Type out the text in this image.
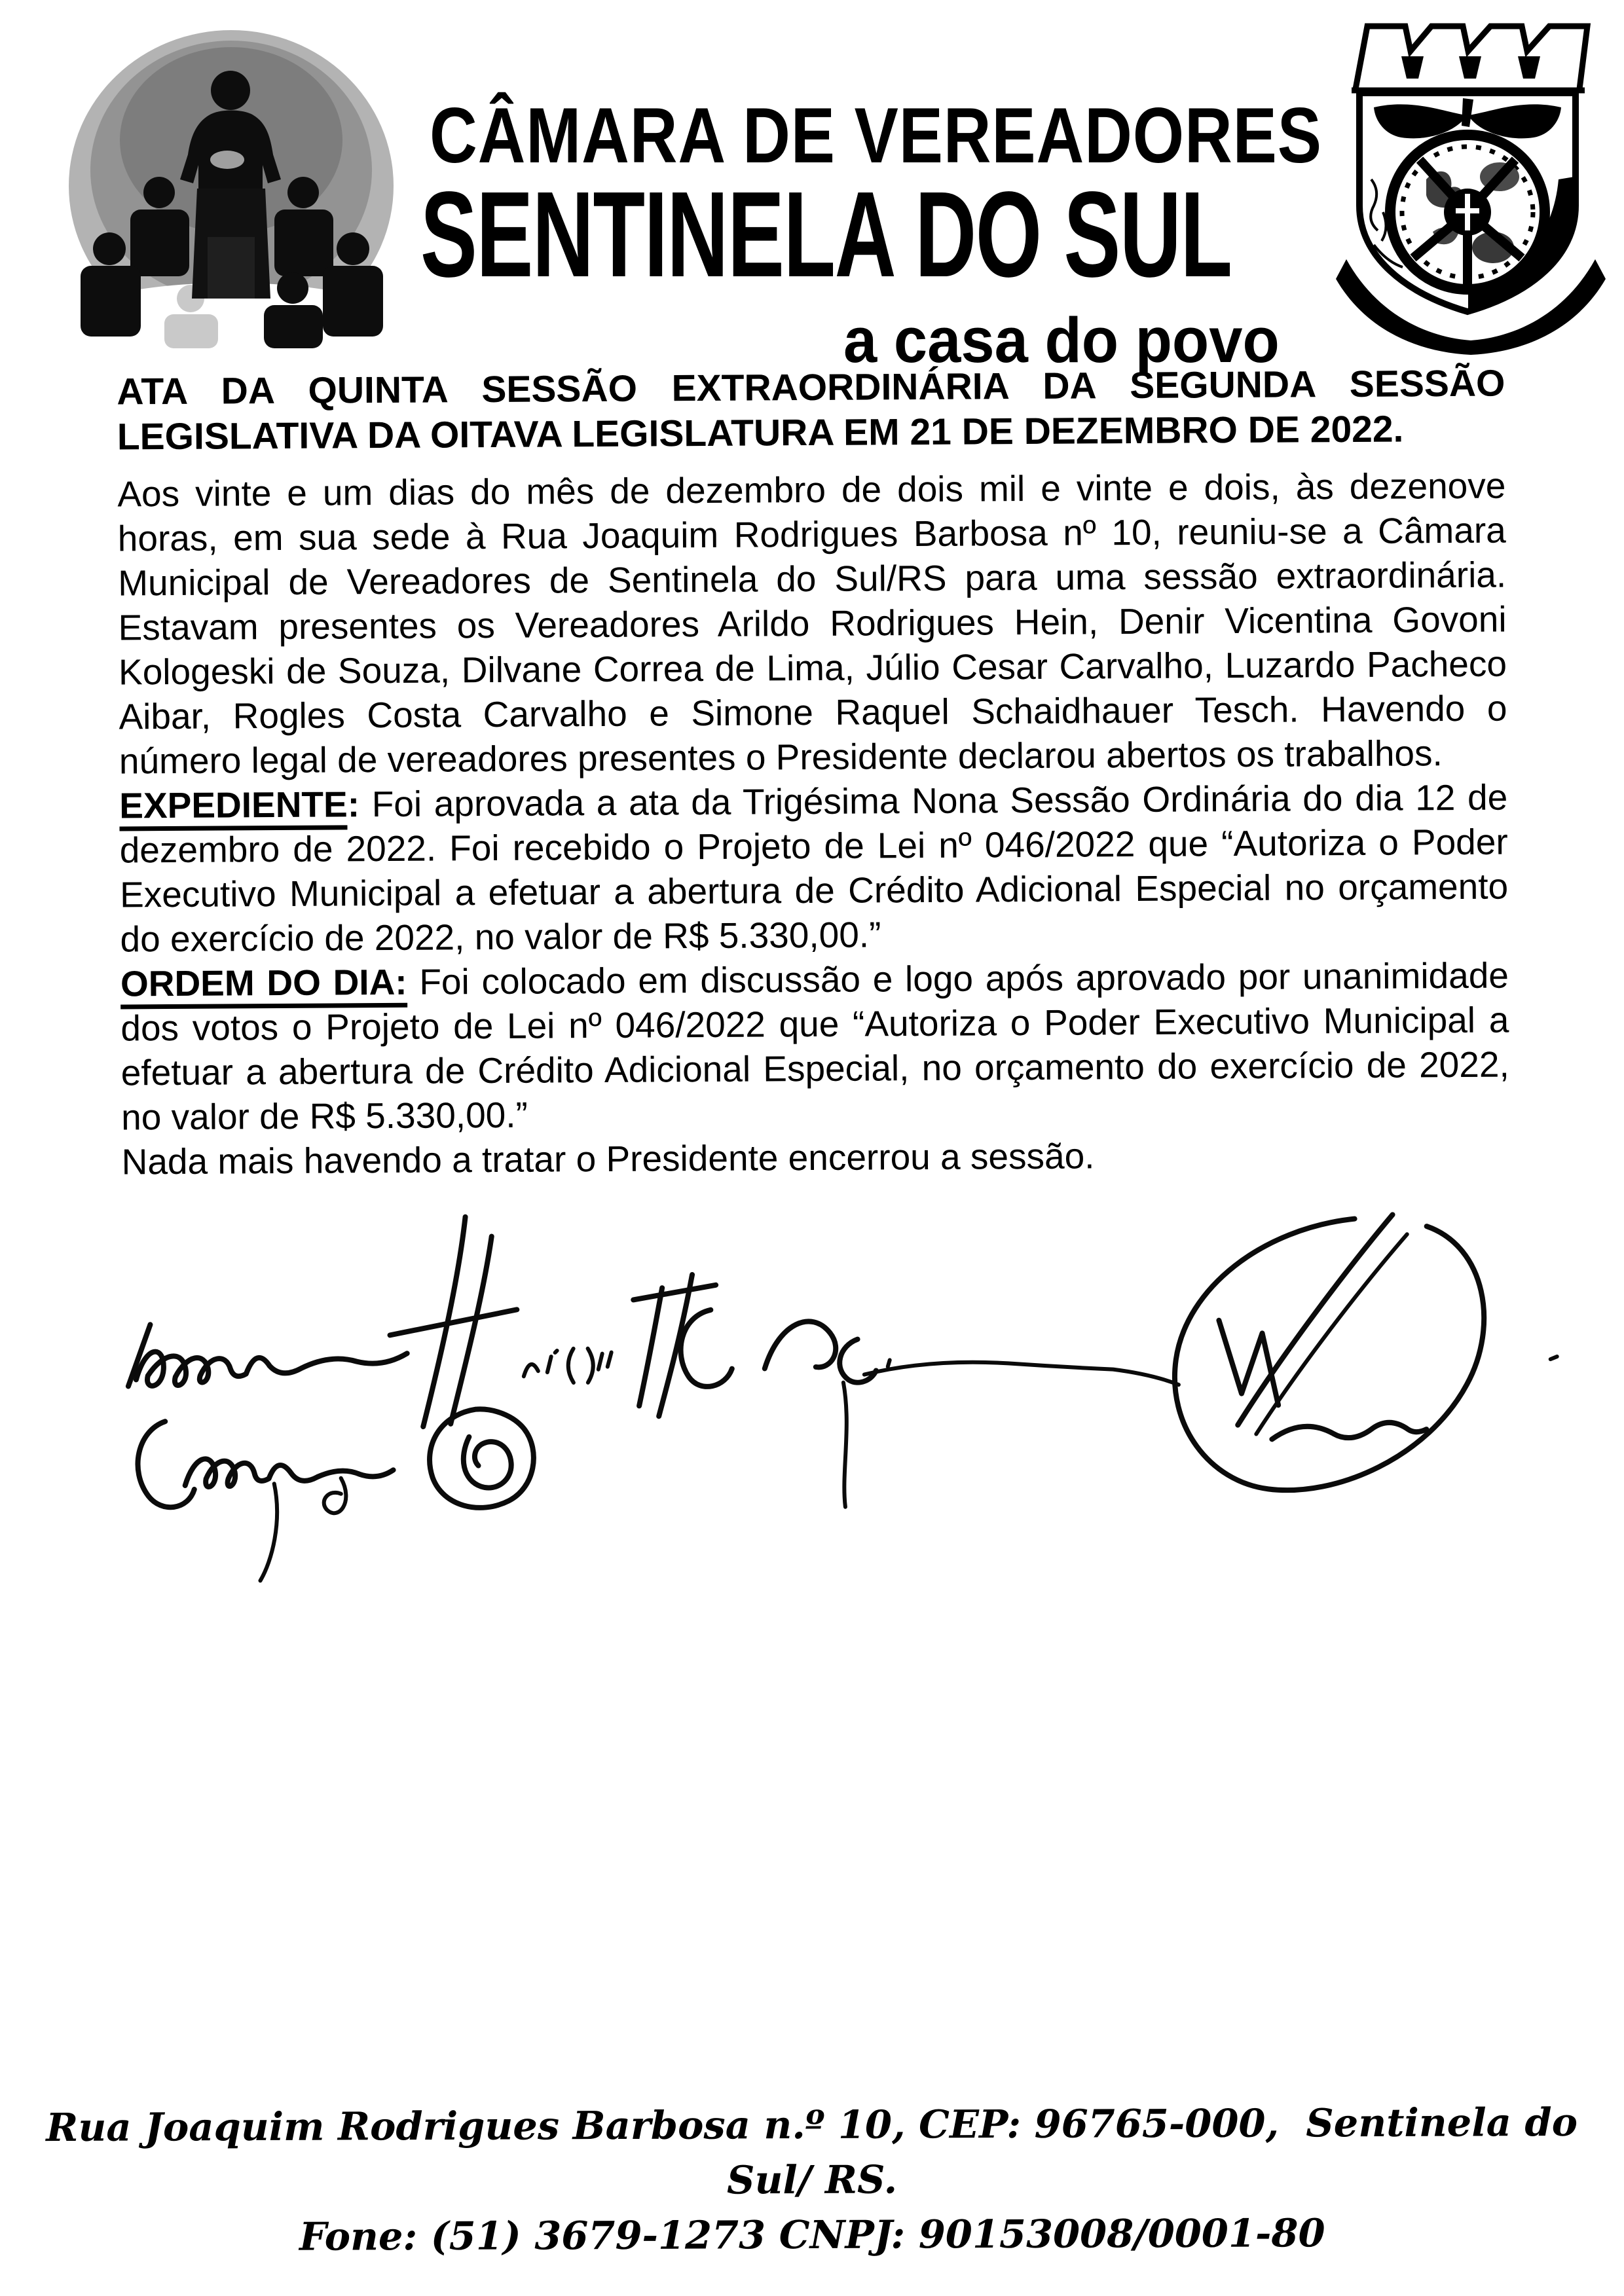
CÂMARA DE VEREADORES
SENTINELA DO SUL
a casa do povo

ATA DA QUINTA SESSÃO EXTRAORDINÁRIA DA SEGUNDA SESSÃO LEGISLATIVA DA OITAVA LEGISLATURA EM 21 DE DEZEMBRO DE 2022.

Aos vinte e um dias do mês de dezembro de dois mil e vinte e dois, às dezenove horas, em sua sede à Rua Joaquim Rodrigues Barbosa nº 10, reuniu-se a Câmara Municipal de Vereadores de Sentinela do Sul/RS para uma sessão extraordinária. Estavam presentes os Vereadores Arildo Rodrigues Hein, Denir Vicentina Govoni Kologeski de Souza, Dilvane Correa de Lima, Júlio Cesar Carvalho, Luzardo Pacheco Aibar, Rogles Costa Carvalho e Simone Raquel Schaidhauer Tesch. Havendo o número legal de vereadores presentes o Presidente declarou abertos os trabalhos.

EXPEDIENTE: Foi aprovada a ata da Trigésima Nona Sessão Ordinária do dia 12 de dezembro de 2022. Foi recebido o Projeto de Lei nº 046/2022 que “Autoriza o Poder Executivo Municipal a efetuar a abertura de Crédito Adicional Especial no orçamento do exercício de 2022, no valor de R$ 5.330,00.”

ORDEM DO DIA: Foi colocado em discussão e logo após aprovado por unanimidade dos votos o Projeto de Lei nº 046/2022 que “Autoriza o Poder Executivo Municipal a efetuar a abertura de Crédito Adicional Especial, no orçamento do exercício de 2022, no valor de R$ 5.330,00.”

Nada mais havendo a tratar o Presidente encerrou a sessão.

Rua Joaquim Rodrigues Barbosa n.º 10, CEP: 96765-000,  Sentinela do Sul/ RS.
Fone: (51) 3679-1273 CNPJ: 90153008/0001-80
